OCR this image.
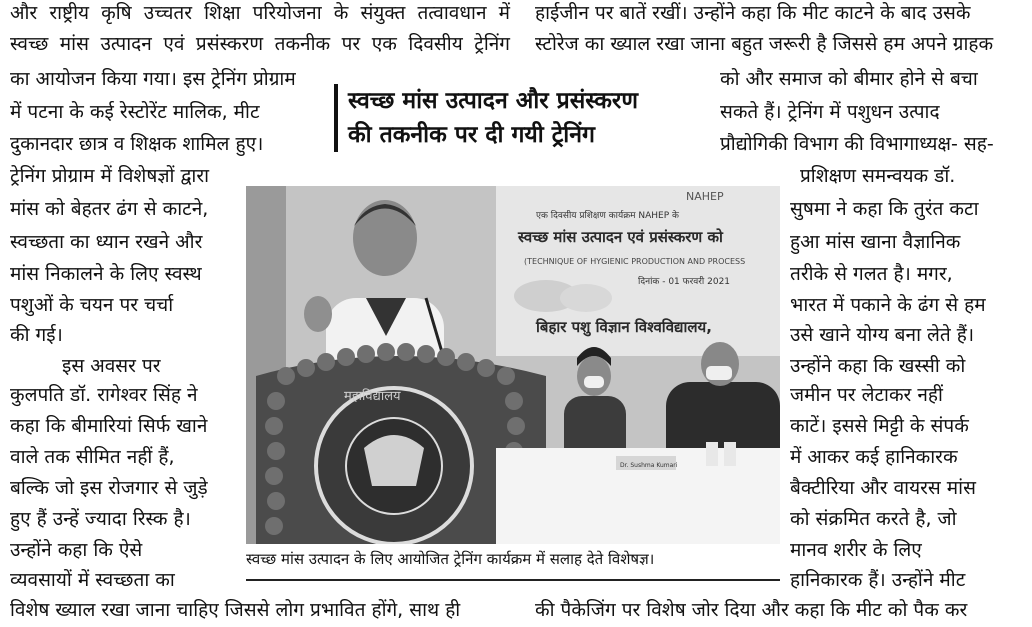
और राष्ट्रीय कृषि उच्चतर शिक्षा परियोजना के संयुक्त तत्वावधान में
स्वच्छ मांस उत्पादन एवं प्रसंस्करण तकनीक पर एक दिवसीय ट्रेनिंग
का आयोजन किया गया। इस ट्रेनिंग प्रोग्राम
में पटना के कई रेस्टोरेंट मालिक, मीट
दुकानदार छात्र व शिक्षक शामिल हुए।
ट्रेनिंग प्रोग्राम में विशेषज्ञों द्वारा
मांस को बेहतर ढंग से काटने,
स्वच्छता का ध्यान रखने और
मांस निकालने के लिए स्वस्थ
पशुओं के चयन पर चर्चा
की गई।
इस अवसर पर
कुलपति डॉ. रागेश्वर सिंह ने
कहा कि बीमारियां सिर्फ खाने
वाले तक सीमित नहीं हैं,
बल्कि जो इस रोजगार से जुड़े
हुए हैं उन्हें ज्यादा रिस्क है।
उन्होंने कहा कि ऐसे
व्यवसायों में स्वच्छता का
विशेष ख्याल रखा जाना चाहिए जिससे लोग प्रभावित होंगे, साथ ही
हाईजीन पर बातें रखीं। उन्होंने कहा कि मीट काटने के बाद उसके
स्टोरेज का ख्याल रखा जाना बहुत जरूरी है जिससे हम अपने ग्राहक
को और समाज को बीमार होने से बचा
सकते हैं। ट्रेनिंग में पशुधन उत्पाद
प्रौद्योगिकी विभाग की विभागाध्यक्ष- सह-
प्रशिक्षण समन्वयक डॉ.
सुषमा ने कहा कि तुरंत कटा
हुआ मांस खाना वैज्ञानिक
तरीके से गलत है। मगर,
भारत में पकाने के ढंग से हम
उसे खाने योग्य बना लेते हैं।
उन्होंने कहा कि खस्सी को
जमीन पर लेटाकर नहीं
काटें। इससे मिट्टी के संपर्क
में आकर कई हानिकारक
बैक्टीरिया और वायरस मांस
को संक्रमित करते है, जो
मानव शरीर के लिए
हानिकारक हैं। उन्होंने मीट
की पैकेजिंग पर विशेष जोर दिया और कहा कि मीट को पैक कर
स्वच्छ मांस उत्पादन और प्रसंस्करण
की तकनीक पर दी गयी ट्रेनिंग
NAHEP
एक दिवसीय प्रशिक्षण कार्यक्रम NAHEP के
स्वच्छ मांस उत्पादन एवं प्रसंस्करण को
(TECHNIQUE OF HYGIENIC PRODUCTION AND PROCESS
दिनांक - 01 फरवरी 2021
बिहार पशु विज्ञान विश्वविद्यालय,
महाविद्यालय
Dr. Sushma Kumari
स्वच्छ मांस उत्पादन के लिए आयोजित ट्रेनिंग कार्यक्रम में सलाह देते विशेषज्ञ।
